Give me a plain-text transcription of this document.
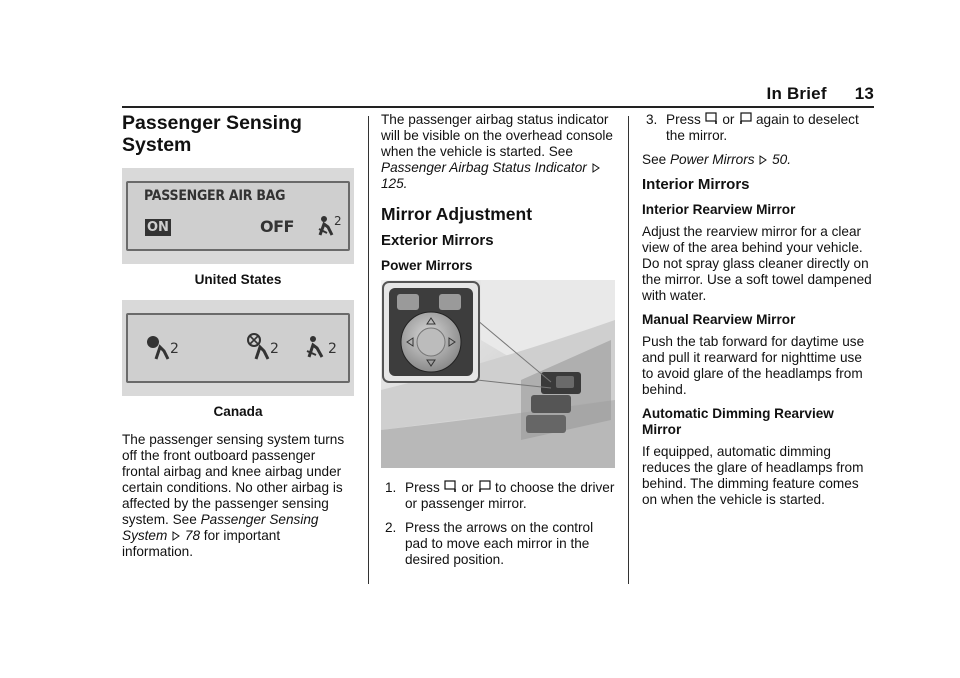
In Brief 13
Passenger Sensing System
PASSENGER AIR BAG
ON	OFF	2
United States
2	2	2
Canada

The passenger sensing system turns off the front outboard passenger frontal airbag and knee airbag under certain conditions. No other airbag is affected by the passenger sensing system. See Passenger Sensing System 78 for important information.

The passenger airbag status indicator will be visible on the overhead console when the vehicle is started. See Passenger Airbag Status Indicator  125.

Mirror Adjustment
Exterior Mirrors
Power Mirrors
1. Press or to choose the driver or passenger mirror.
2. Press the arrows on the control pad to move each mirror in the desired position.
3. Press or again to deselect the mirror.

See Power Mirrors 50.

Interior Mirrors
Interior Rearview Mirror

Adjust the rearview mirror for a clear view of the area behind your vehicle. Do not spray glass cleaner directly on the mirror. Use a soft towel dampened with water.

Manual Rearview Mirror

Push the tab forward for daytime use and pull it rearward for nighttime use to avoid glare of the headlamps from behind.

Automatic Dimming Rearview Mirror

If equipped, automatic dimming reduces the glare of headlamps from behind. The dimming feature comes on when the vehicle is started.
